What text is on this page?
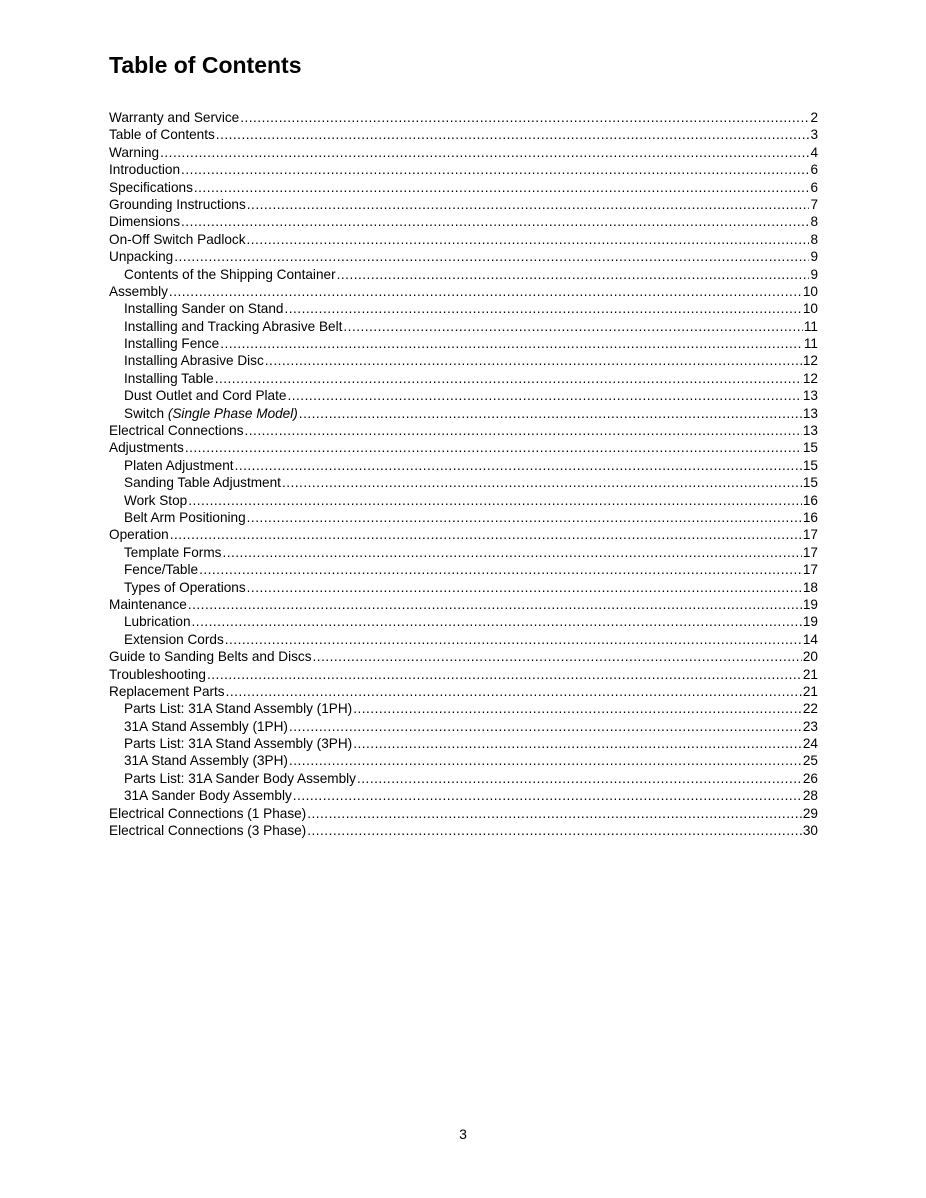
Table of Contents
Warranty and Service .....	2
Table of Contents .....	3
Warning .....	4
Introduction .....	6
Specifications .....	6
Grounding Instructions .....	7
Dimensions .....	8
On-Off Switch Padlock .....	8
Unpacking .....	9
Contents of the Shipping Container .....	9
Assembly .....	10
Installing Sander on Stand .....	10
Installing and Tracking Abrasive Belt .....	11
Installing Fence .....	11
Installing Abrasive Disc .....	12
Installing Table .....	12
Dust Outlet and Cord Plate .....	13
Switch
(Single Phase Model) .....	13
Electrical Connections .....	13
Adjustments .....	15
Platen Adjustment .....	15
Sanding Table Adjustment .....	15
Work Stop .....	16
Belt Arm Positioning .....	16
Operation .....	17
Template Forms .....	17
Fence/Table .....	17
Types of Operations .....	18
Maintenance .....	19
Lubrication .....	19
Extension Cords .....	14
Guide to Sanding Belts and Discs .....	20
Troubleshooting .....	21
Replacement Parts .....	21
Parts List: 31A Stand Assembly (1PH) .....	22
31A Stand Assembly (1PH) .....	23
Parts List: 31A Stand Assembly (3PH) .....	24
31A Stand Assembly (3PH) .....	25
Parts List: 31A Sander Body Assembly .....	26
31A Sander Body Assembly .....	28
Electrical Connections (1 Phase) .....	29
Electrical Connections (3 Phase) .....	30
3
